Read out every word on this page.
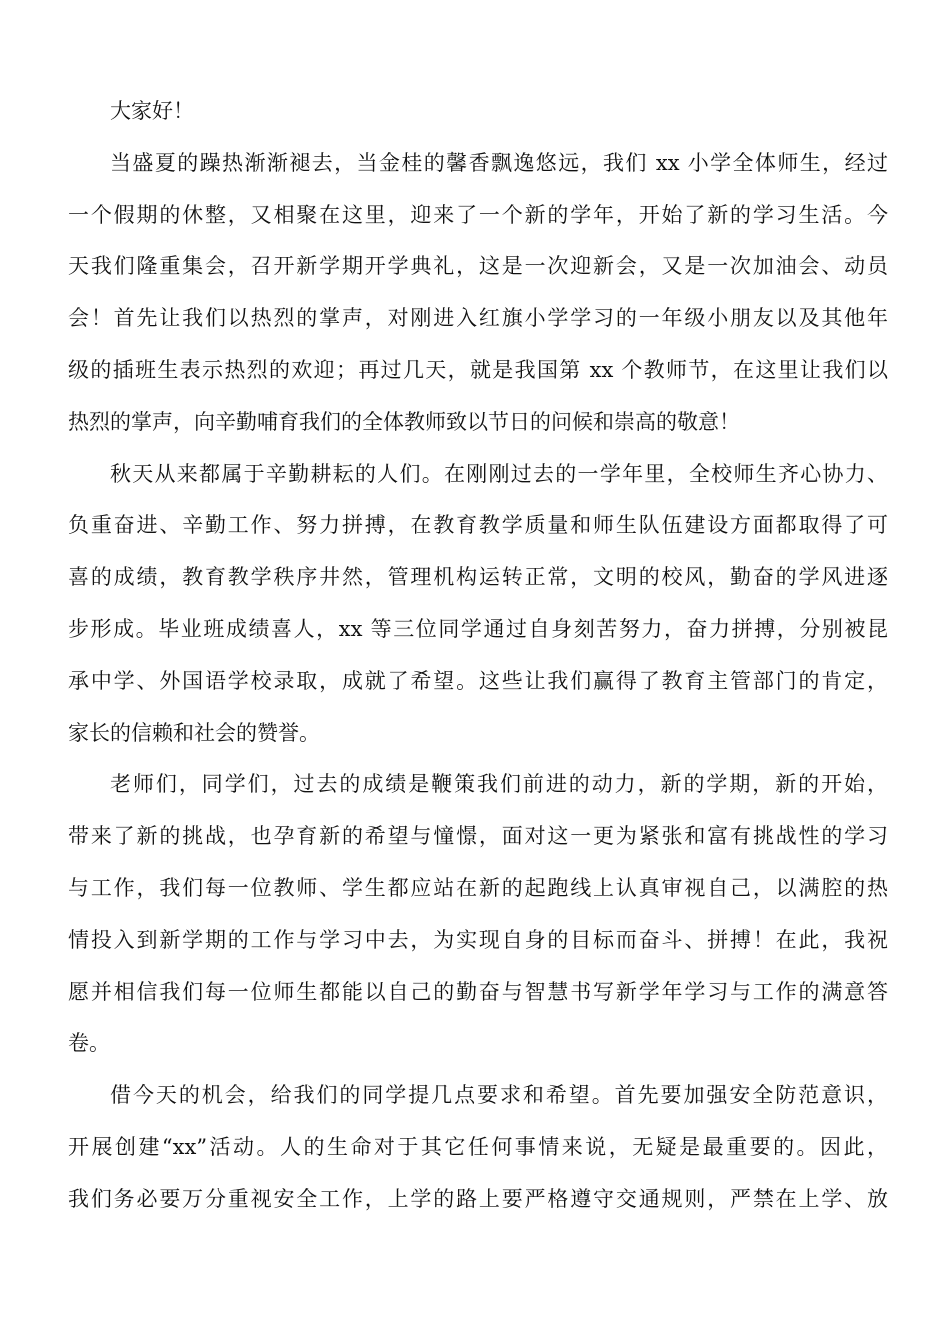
大家好！
当盛夏的躁热渐渐褪去，当金桂的馨香飘逸悠远，我们 xx 小学全体师生，经过
一个假期的休整，又相聚在这里，迎来了一个新的学年，开始了新的学习生活。今
天我们隆重集会，召开新学期开学典礼，这是一次迎新会，又是一次加油会、动员
会！首先让我们以热烈的掌声，对刚进入红旗小学学习的一年级小朋友以及其他年
级的插班生表示热烈的欢迎；再过几天，就是我国第 xx 个教师节，在这里让我们以
热烈的掌声，向辛勤哺育我们的全体教师致以节日的问候和崇高的敬意！
秋天从来都属于辛勤耕耘的人们。在刚刚过去的一学年里，全校师生齐心协力、
负重奋进、辛勤工作、努力拼搏，在教育教学质量和师生队伍建设方面都取得了可
喜的成绩，教育教学秩序井然，管理机构运转正常，文明的校风，勤奋的学风进逐
步形成。毕业班成绩喜人，xx 等三位同学通过自身刻苦努力，奋力拼搏，分别被昆
承中学、外国语学校录取，成就了希望。这些让我们赢得了教育主管部门的肯定，
家长的信赖和社会的赞誉。
老师们，同学们，过去的成绩是鞭策我们前进的动力，新的学期，新的开始，
带来了新的挑战，也孕育新的希望与憧憬，面对这一更为紧张和富有挑战性的学习
与工作，我们每一位教师、学生都应站在新的起跑线上认真审视自己，以满腔的热
情投入到新学期的工作与学习中去，为实现自身的目标而奋斗、拼搏！在此，我祝
愿并相信我们每一位师生都能以自己的勤奋与智慧书写新学年学习与工作的满意答
卷。
借今天的机会，给我们的同学提几点要求和希望。首先要加强安全防范意识，
开展创建“xx”活动。人的生命对于其它任何事情来说，无疑是最重要的。因此，
我们务必要万分重视安全工作，上学的路上要严格遵守交通规则，严禁在上学、放
